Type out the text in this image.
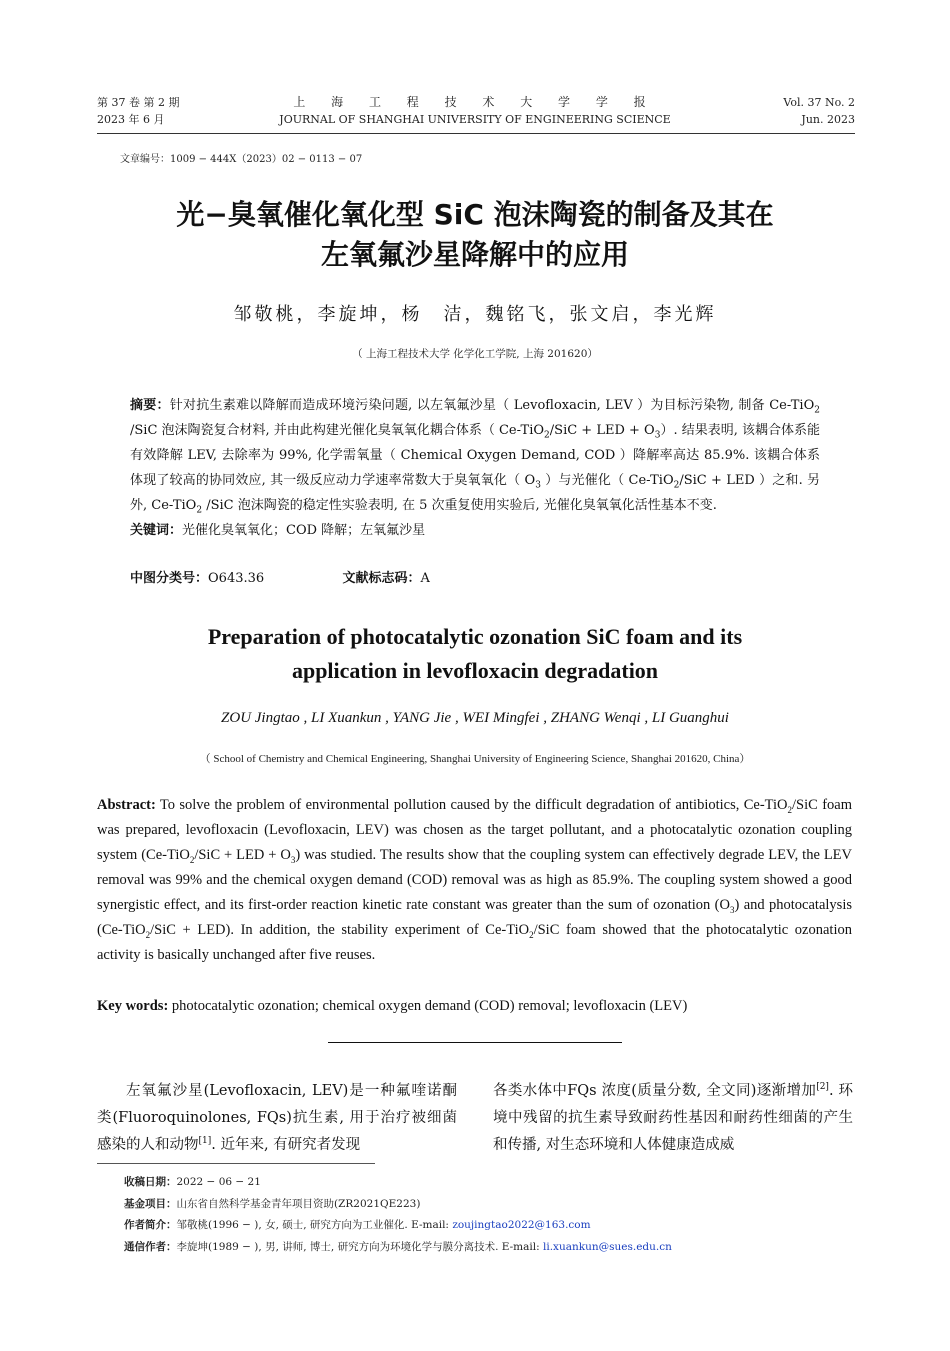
第 37 卷 第 2 期
2023 年 6 月
上 海 工 程 技 术 大 学 学 报
JOURNAL OF SHANGHAI UNIVERSITY OF ENGINEERING SCIENCE
Vol. 37 No. 2
Jun. 2023
文章编号：1009 − 444X（2023）02 − 0113 − 07
光−臭氧催化氧化型 SiC 泡沫陶瓷的制备及其在
左氧氟沙星降解中的应用
邹敬桃，李旋坤，杨　洁，魏铭飞，张文启，李光辉
（ 上海工程技术大学 化学化工学院, 上海 201620）
摘要：针对抗生素难以降解而造成环境污染问题, 以左氧氟沙星（ Levofloxacin, LEV ）为目标污染物, 制备 Ce-TiO$_2$ /SiC 泡沫陶瓷复合材料, 并由此构建光催化臭氧氧化耦合体系（ Ce-TiO$_2$/SiC + LED + $O_3$）. 结果表明, 该耦合体系能有效降解 LEV, 去除率为 99%, 化学需氧量（ Chemical Oxygen Demand, COD ）降解率高达 85.9%. 该耦合体系体现了较高的协同效应, 其一级反应动力学速率常数大于臭氧氧化（ $O_3$ ）与光催化（ Ce-TiO$_2$/SiC + LED ）之和. 另外, Ce-TiO$_2$ /SiC 泡沫陶瓷的稳定性实验表明, 在 5 次重复使用实验后, 光催化臭氧氧化活性基本不变.
关键词：光催化臭氧氧化；COD 降解；左氧氟沙星
中图分类号：O643.36	文献标志码：A
Preparation of photocatalytic ozonation SiC foam and its
application in levofloxacin degradation
ZOU Jingtao , LI Xuankun , YANG Jie , WEI Mingfei , ZHANG Wenqi , LI Guanghui
（ School of Chemistry and Chemical Engineering, Shanghai University of Engineering Science, Shanghai 201620, China）
Abstract: To solve the problem of environmental pollution caused by the difficult degradation of antibiotics, Ce-TiO$_2$/SiC foam was prepared, levofloxacin (Levofloxacin, LEV) was chosen as the target pollutant, and a photocatalytic ozonation coupling system (Ce-TiO$_2$/SiC + LED + $O_3$) was studied. The results show that the coupling system can effectively degrade LEV, the LEV removal was 99% and the chemical oxygen demand (COD) removal was as high as 85.9%. The coupling system showed a good synergistic effect, and its first-order reaction kinetic rate constant was greater than the sum of ozonation $(O_3)$ and photocatalysis (Ce-TiO$_2$/SiC + LED). In addition, the stability experiment of Ce-TiO$_2$/SiC foam showed that the photocatalytic ozonation activity is basically unchanged after five reuses.
Key words: photocatalytic ozonation; chemical oxygen demand (COD) removal; levofloxacin (LEV)
左氧氟沙星(Levofloxacin, LEV)是一种氟喹诺酮类(Fluoroquinolones, FQs)抗生素, 用于治疗被细菌感染的人和动物[1]. 近年来, 有研究者发现
各类水体中FQs 浓度(质量分数, 全文同)逐渐增加[2]. 环境中残留的抗生素导致耐药性基因和耐药性细菌的产生和传播, 对生态环境和人体健康造成威
收稿日期：2022 − 06 − 21
基金项目：山东省自然科学基金青年项目资助(ZR2021QE223)
作者简介：邹敬桃(1996 − ), 女, 硕士, 研究方向为工业催化. E-mail: zoujingtao2022@163.com
通信作者：李旋坤(1989 − ), 男, 讲师, 博士, 研究方向为环境化学与膜分离技术. E-mail: li.xuankun@sues.edu.cn
